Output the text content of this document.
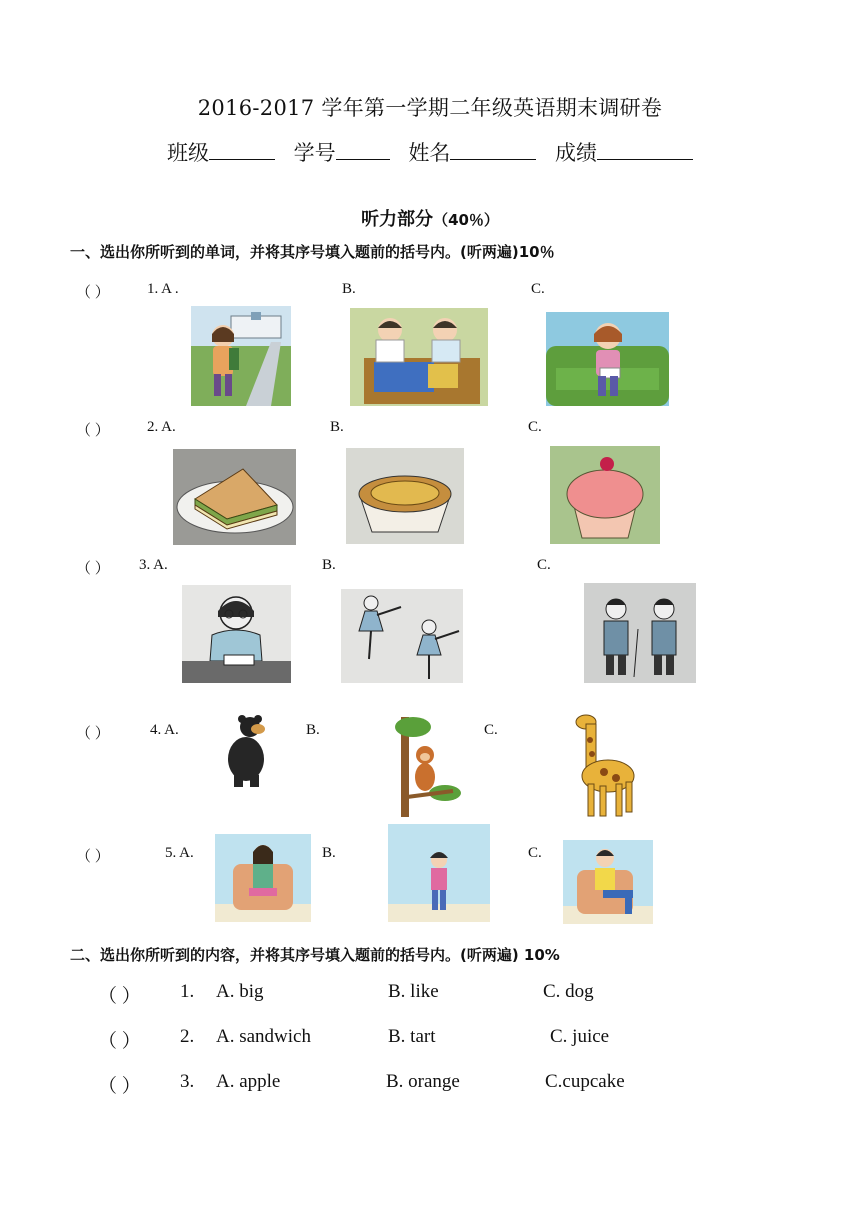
2016-2017 学年第一学期二年级英语期末调研卷
班级	学号	姓名	成绩
听力部分（40％）
一、选出你所听到的单词，并将其序号填入题前的括号内。(听两遍)10％
（ ） 1. A .	B.	C.
（ ） 2. A.	B.	C.
（ ） 3. A.	B.	C.
（ ）	4. A.	B.	C.
（ ）	5. A.	B.	C.
二、选出你所听到的内容，并将其序号填入题前的括号内。(听两遍) 10%
（ ） 1. A. big	B. like	C. dog
（ ） 2. A. sandwich	B. tart	C. juice
（ ） 3. A. apple	B. orange	C.cupcake
